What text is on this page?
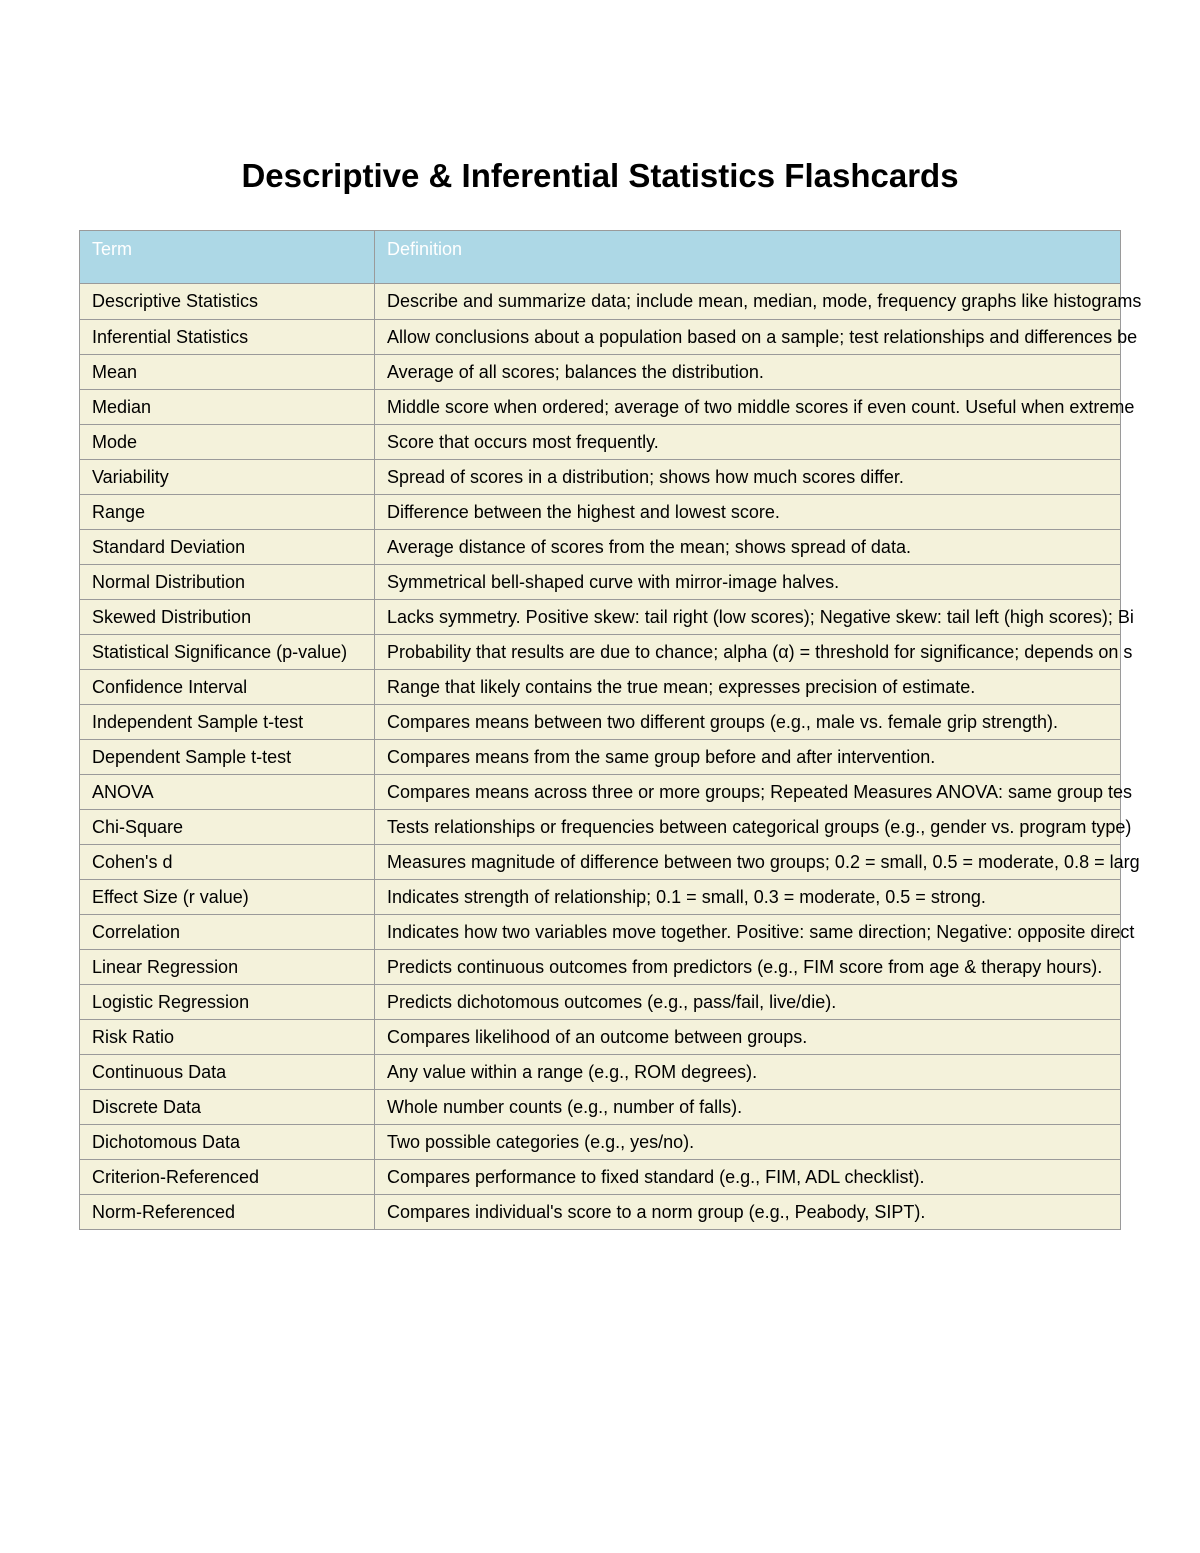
Descriptive & Inferential Statistics Flashcards
Term	Definition
Descriptive Statistics	Describe and summarize data; include mean, median, mode, frequency graphs like histograms
Inferential Statistics	Allow conclusions about a population based on a sample; test relationships and differences be
Mean	Average of all scores; balances the distribution.
Median	Middle score when ordered; average of two middle scores if even count. Useful when extreme
Mode	Score that occurs most frequently.
Variability	Spread of scores in a distribution; shows how much scores differ.
Range	Difference between the highest and lowest score.
Standard Deviation	Average distance of scores from the mean; shows spread of data.
Normal Distribution	Symmetrical bell-shaped curve with mirror-image halves.
Skewed Distribution	Lacks symmetry. Positive skew: tail right (low scores); Negative skew: tail left (high scores); Bi
Statistical Significance (p-value)	Probability that results are due to chance; alpha (α) = threshold for significance; depends on s
Confidence Interval	Range that likely contains the true mean; expresses precision of estimate.
Independent Sample t-test	Compares means between two different groups (e.g., male vs. female grip strength).
Dependent Sample t-test	Compares means from the same group before and after intervention.
ANOVA	Compares means across three or more groups; Repeated Measures ANOVA: same group tes
Chi-Square	Tests relationships or frequencies between categorical groups (e.g., gender vs. program type)
Cohen's d	Measures magnitude of difference between two groups; 0.2 = small, 0.5 = moderate, 0.8 = larg
Effect Size (r value)	Indicates strength of relationship; 0.1 = small, 0.3 = moderate, 0.5 = strong.
Correlation	Indicates how two variables move together. Positive: same direction; Negative: opposite direct
Linear Regression	Predicts continuous outcomes from predictors (e.g., FIM score from age & therapy hours).
Logistic Regression	Predicts dichotomous outcomes (e.g., pass/fail, live/die).
Risk Ratio	Compares likelihood of an outcome between groups.
Continuous Data	Any value within a range (e.g., ROM degrees).
Discrete Data	Whole number counts (e.g., number of falls).
Dichotomous Data	Two possible categories (e.g., yes/no).
Criterion-Referenced	Compares performance to fixed standard (e.g., FIM, ADL checklist).
Norm-Referenced	Compares individual's score to a norm group (e.g., Peabody, SIPT).
